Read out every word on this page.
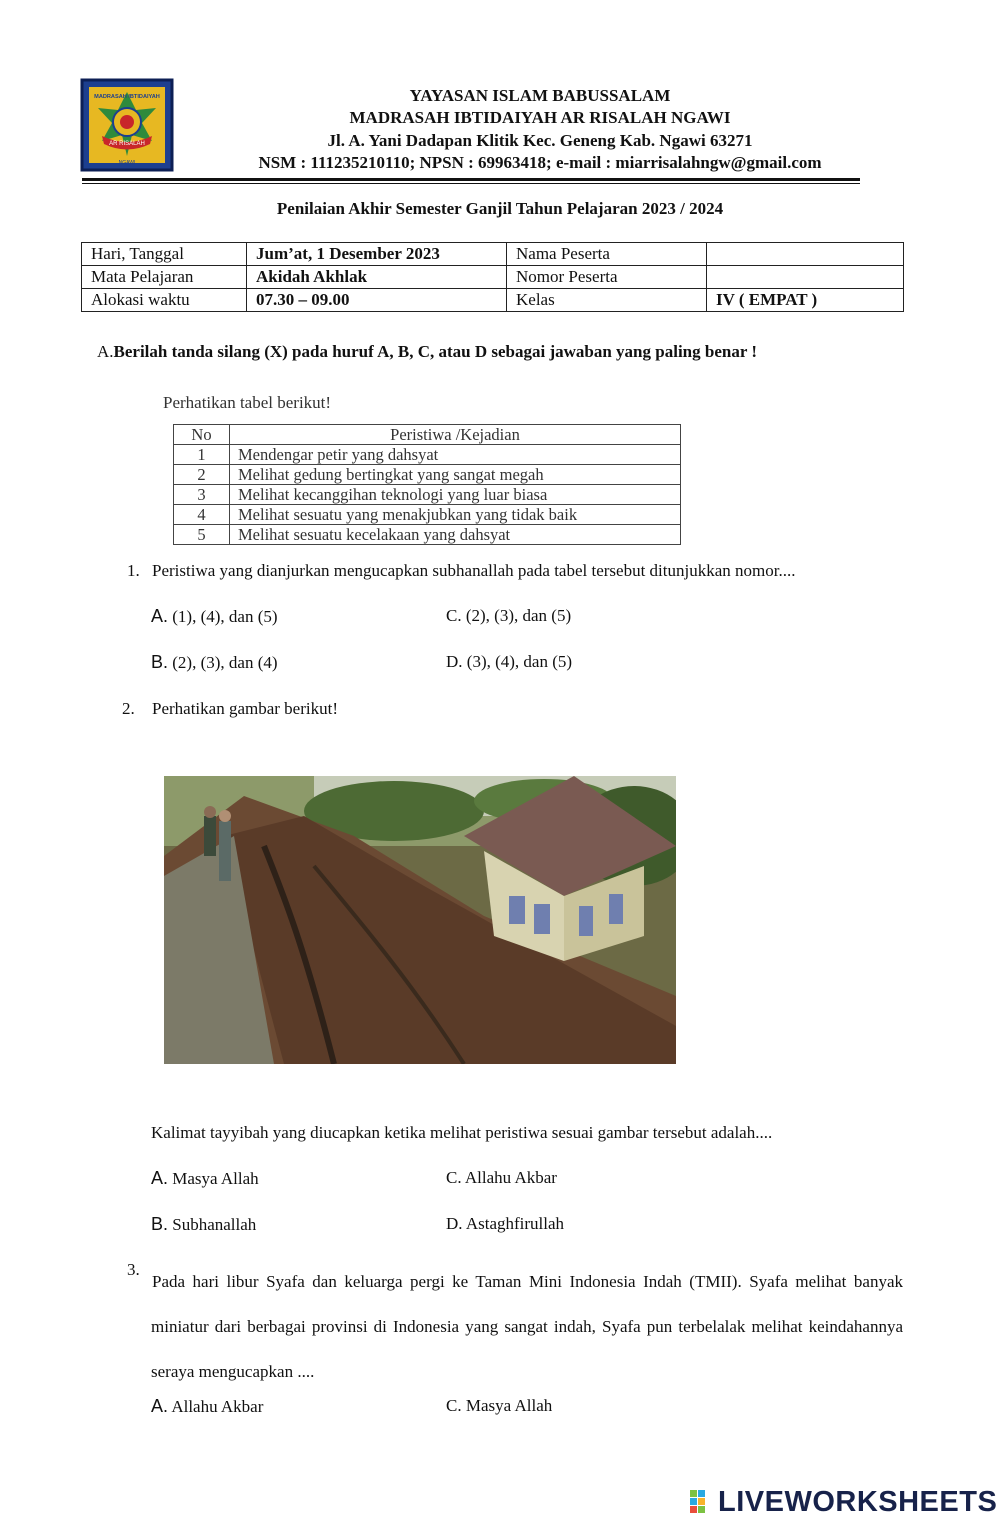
AR RISALAH
MADRASAH IBTIDAIYAH
NGAWI
YAYASAN ISLAM BABUSSALAM
MADRASAH IBTIDAIYAH AR RISALAH NGAWI
Jl. A. Yani Dadapan Klitik Kec. Geneng Kab. Ngawi 63271
NSM : 111235210110; NPSN : 69963418; e-mail : miarrisalahngw@gmail.com
Penilaian Akhir Semester Ganjil Tahun Pelajaran 2023 / 2024
Hari, Tanggal	Jum’at, 1 Desember 2023	Nama Peserta	
Mata Pelajaran	Akidah Akhlak	Nomor Peserta	
Alokasi waktu	07.30 – 09.00	Kelas	IV ( EMPAT )
A.Berilah tanda silang (X) pada huruf A, B, C, atau D sebagai jawaban yang paling benar !
Perhatikan tabel berikut!
No	Peristiwa /Kejadian
1	Mendengar petir yang dahsyat
2	Melihat gedung bertingkat yang sangat megah
3	Melihat kecanggihan teknologi yang luar biasa
4	Melihat sesuatu yang menakjubkan yang tidak baik
5	Melihat sesuatu kecelakaan yang dahsyat
1. Peristiwa yang dianjurkan mengucapkan subhanallah pada tabel tersebut ditunjukkan nomor....
A. (1), (4), dan (5)	C. (2), (3), dan (5)
B. (2), (3), dan (4)	D. (3), (4), dan (5)
2. Perhatikan gambar berikut!
Kalimat tayyibah yang diucapkan ketika melihat peristiwa sesuai gambar tersebut adalah....
A. Masya Allah	C. Allahu Akbar
B. Subhanallah	D. Astaghfirullah
3.
Pada hari libur Syafa dan keluarga pergi ke Taman Mini Indonesia Indah (TMII). Syafa melihat banyak miniatur dari berbagai provinsi di Indonesia yang sangat indah, Syafa pun terbelalak melihat keindahannya seraya mengucapkan ....
A. Allahu Akbar	C. Masya Allah
LIVEWORKSHEETS
